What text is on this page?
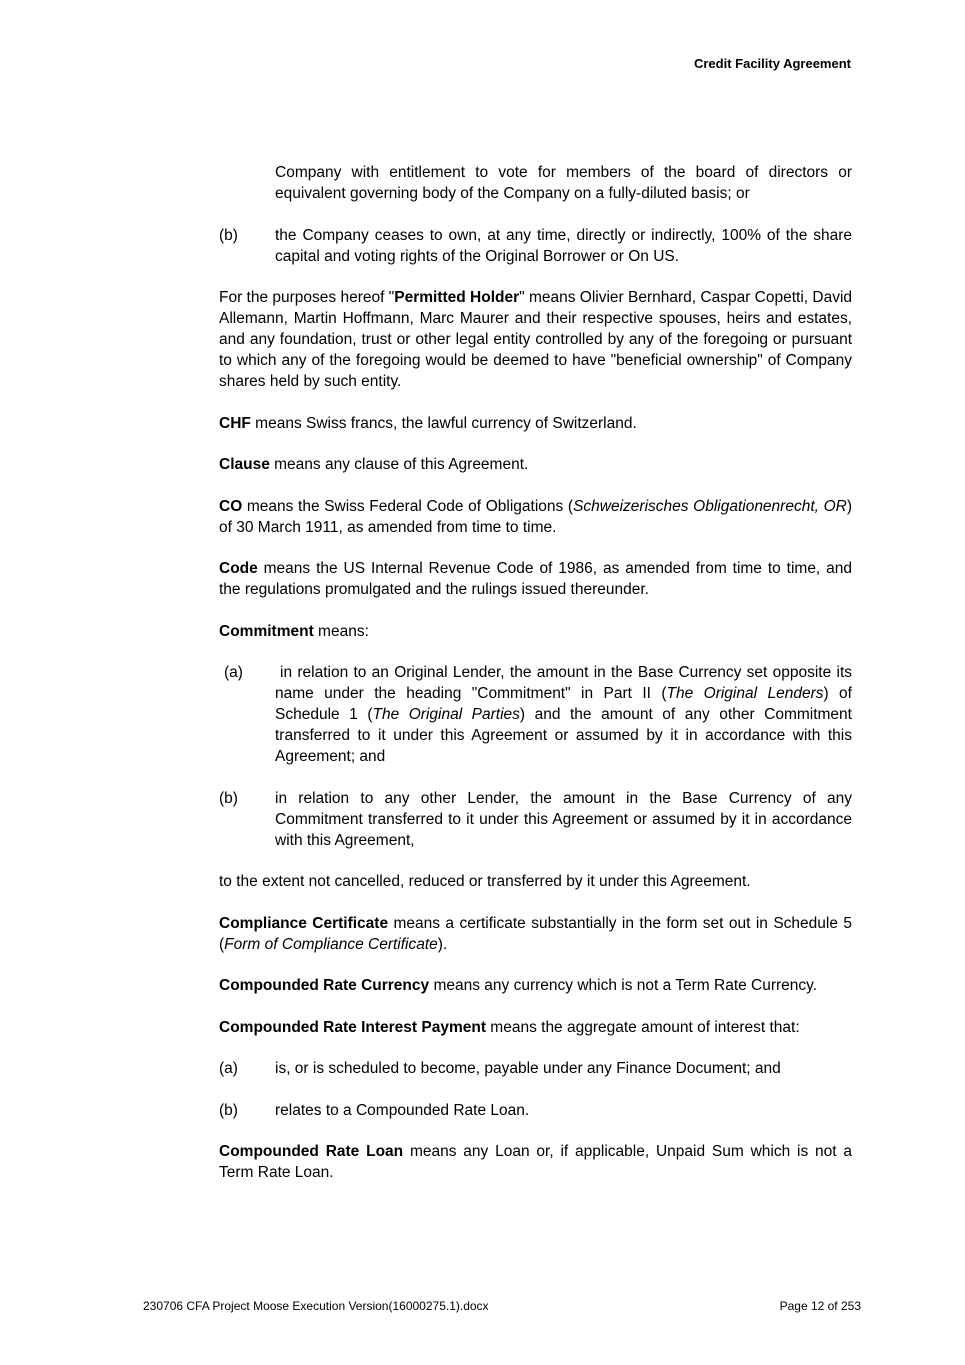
Credit Facility Agreement

Company with entitlement to vote for members of the board of directors or equivalent governing body of the Company on a fully-diluted basis; or

(b) the Company ceases to own, at any time, directly or indirectly, 100% of the share capital and voting rights of the Original Borrower or On US.

For the purposes hereof "Permitted Holder" means Olivier Bernhard, Caspar Copetti, David Allemann, Martin Hoffmann, Marc Maurer and their respective spouses, heirs and estates, and any foundation, trust or other legal entity controlled by any of the foregoing or pursuant to which any of the foregoing would be deemed to have "beneficial ownership" of Company shares held by such entity.

CHF means Swiss francs, the lawful currency of Switzerland.

Clause means any clause of this Agreement.

CO means the Swiss Federal Code of Obligations (Schweizerisches Obligationenrecht, OR) of 30 March 1911, as amended from time to time.

Code means the US Internal Revenue Code of 1986, as amended from time to time, and the regulations promulgated and the rulings issued thereunder.

Commitment means:

(a) in relation to an Original Lender, the amount in the Base Currency set opposite its name under the heading "Commitment" in Part II (The Original Lenders) of Schedule 1 (The Original Parties) and the amount of any other Commitment transferred to it under this Agreement or assumed by it in accordance with this Agreement; and
(b) in relation to any other Lender, the amount in the Base Currency of any Commitment transferred to it under this Agreement or assumed by it in accordance with this Agreement,

to the extent not cancelled, reduced or transferred by it under this Agreement.

Compliance Certificate means a certificate substantially in the form set out in Schedule 5 (Form of Compliance Certificate).

Compounded Rate Currency means any currency which is not a Term Rate Currency.

Compounded Rate Interest Payment means the aggregate amount of interest that:

(a) is, or is scheduled to become, payable under any Finance Document; and
(b) relates to a Compounded Rate Loan.

Compounded Rate Loan means any Loan or, if applicable, Unpaid Sum which is not a Term Rate Loan.

230706 CFA Project Moose Execution Version(16000275.1).docx	Page 12 of 253
